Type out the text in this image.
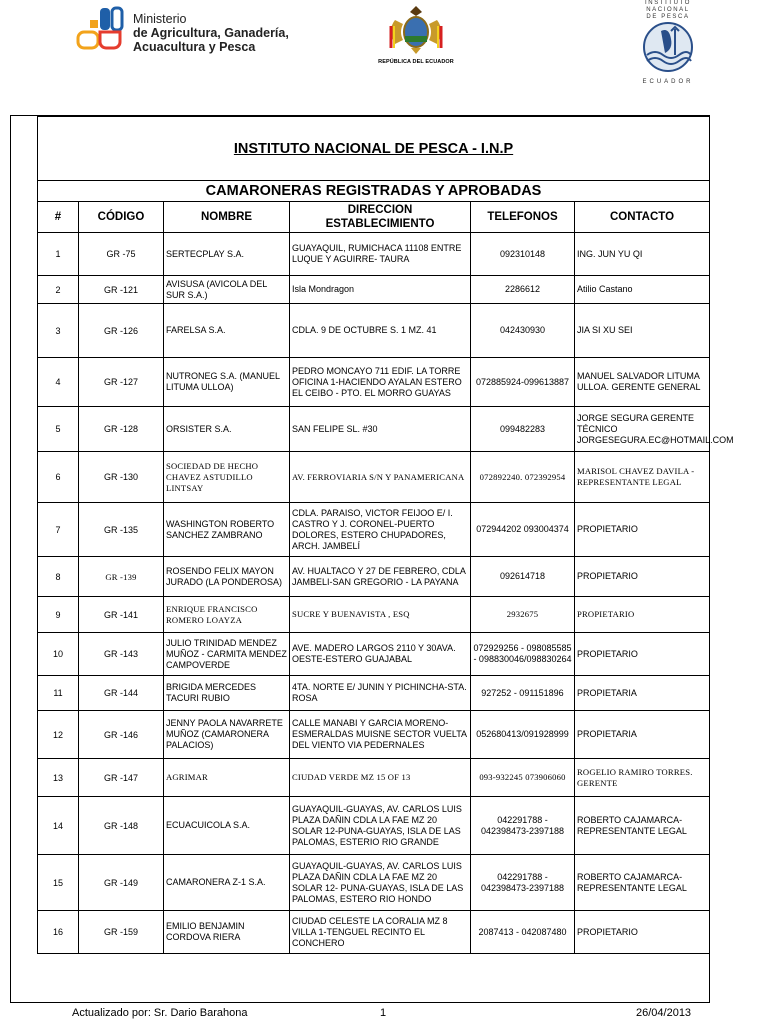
Ministerio
de Agricultura, Ganadería,
Acuacultura y Pesca
REPÚBLICA DEL ECUADOR
INSTITUTO
NACIONAL
DE PESCA
ECUADOR
INSTITUTO NACIONAL DE PESCA - I.N.P					
CAMARONERAS REGISTRADAS Y APROBADAS					
#	CÓDIGO	NOMBRE	DIRECCION ESTABLECIMIENTO	TELEFONOS	CONTACTO
1	GR -75	SERTECPLAY S.A.	GUAYAQUIL, RUMICHACA 11108 ENTRE LUQUE Y AGUIRRE- TAURA	092310148	ING. JUN YU QI
2	GR -121	AVISUSA (AVICOLA DEL SUR S.A.)	Isla Mondragon	2286612	Atilio Castano
3	GR -126	FARELSA S.A.	CDLA. 9 DE OCTUBRE S. 1 MZ. 41	042430930	JIA SI XU SEI
4	GR -127	NUTRONEG S.A. (MANUEL LITUMA ULLOA)	PEDRO MONCAYO 711 EDIF. LA TORRE OFICINA 1-HACIENDO AYALAN ESTERO EL CEIBO - PTO. EL MORRO GUAYAS	072885924-099613887	MANUEL SALVADOR LITUMA ULLOA. GERENTE GENERAL
5	GR -128	ORSISTER S.A.	SAN FELIPE SL. #30	099482283	JORGE SEGURA GERENTE TÉCNICO JORGESEGURA.EC@HOTMAIL.COM
6	GR -130	SOCIEDAD DE HECHO CHAVEZ ASTUDILLO LINTSAY	AV. FERROVIARIA S/N Y PANAMERICANA	072892240. 072392954	MARISOL CHAVEZ DAVILA - REPRESENTANTE LEGAL
7	GR -135	WASHINGTON ROBERTO SANCHEZ ZAMBRANO	CDLA. PARAISO, VICTOR FEIJOO E/ I. CASTRO Y J. CORONEL-PUERTO DOLORES, ESTERO CHUPADORES, ARCH. JAMBELÍ	072944202 093004374	PROPIETARIO
8	GR -139	ROSENDO FELIX MAYON JURADO (LA PONDEROSA)	AV. HUALTACO Y 27 DE FEBRERO, CDLA JAMBELI-SAN GREGORIO - LA PAYANA	092614718	PROPIETARIO
9	GR -141	ENRIQUE FRANCISCO ROMERO LOAYZA	SUCRE Y BUENAVISTA , ESQ	2932675	PROPIETARIO
10	GR -143	JULIO TRINIDAD MENDEZ MUÑOZ - CARMITA MENDEZ CAMPOVERDE	AVE. MADERO LARGOS 2110 Y 30AVA. OESTE-ESTERO GUAJABAL	072929256 - 098085585 - 098830046/098830264	PROPIETARIO
11	GR -144	BRIGIDA MERCEDES TACURI RUBIO	4TA. NORTE E/ JUNIN Y PICHINCHA-STA. ROSA	927252 - 091151896	PROPIETARIA
12	GR -146	JENNY PAOLA NAVARRETE MUÑOZ (CAMARONERA PALACIOS)	CALLE MANABI Y GARCIA MORENO-ESMERALDAS MUISNE SECTOR VUELTA DEL VIENTO VIA PEDERNALES	052680413/091928999	PROPIETARIA
13	GR -147	AGRIMAR	CIUDAD VERDE MZ 15 OF 13	093-932245 073906060	ROGELIO RAMIRO TORRES. GERENTE
14	GR -148	ECUACUICOLA S.A.	GUAYAQUIL-GUAYAS, AV. CARLOS LUIS PLAZA DAÑIN CDLA LA FAE MZ 20 SOLAR 12-PUNA-GUAYAS, ISLA DE LAS PALOMAS, ESTERIO RIO GRANDE	042291788 - 042398473-2397188	ROBERTO CAJAMARCA-REPRESENTANTE LEGAL
15	GR -149	CAMARONERA Z-1 S.A.	GUAYAQUIL-GUAYAS, AV. CARLOS LUIS PLAZA DAÑIN CDLA LA FAE MZ 20 SOLAR 12- PUNA-GUAYAS, ISLA DE LAS PALOMAS, ESTERO RIO HONDO	042291788 - 042398473-2397188	ROBERTO CAJAMARCA-REPRESENTANTE LEGAL
16	GR -159	EMILIO BENJAMIN CORDOVA RIERA	CIUDAD CELESTE LA CORALIA MZ 8 VILLA 1-TENGUEL RECINTO EL CONCHERO	2087413 - 042087480	PROPIETARIO
Actualizado por: Sr. Dario Barahona	1	26/04/2013
